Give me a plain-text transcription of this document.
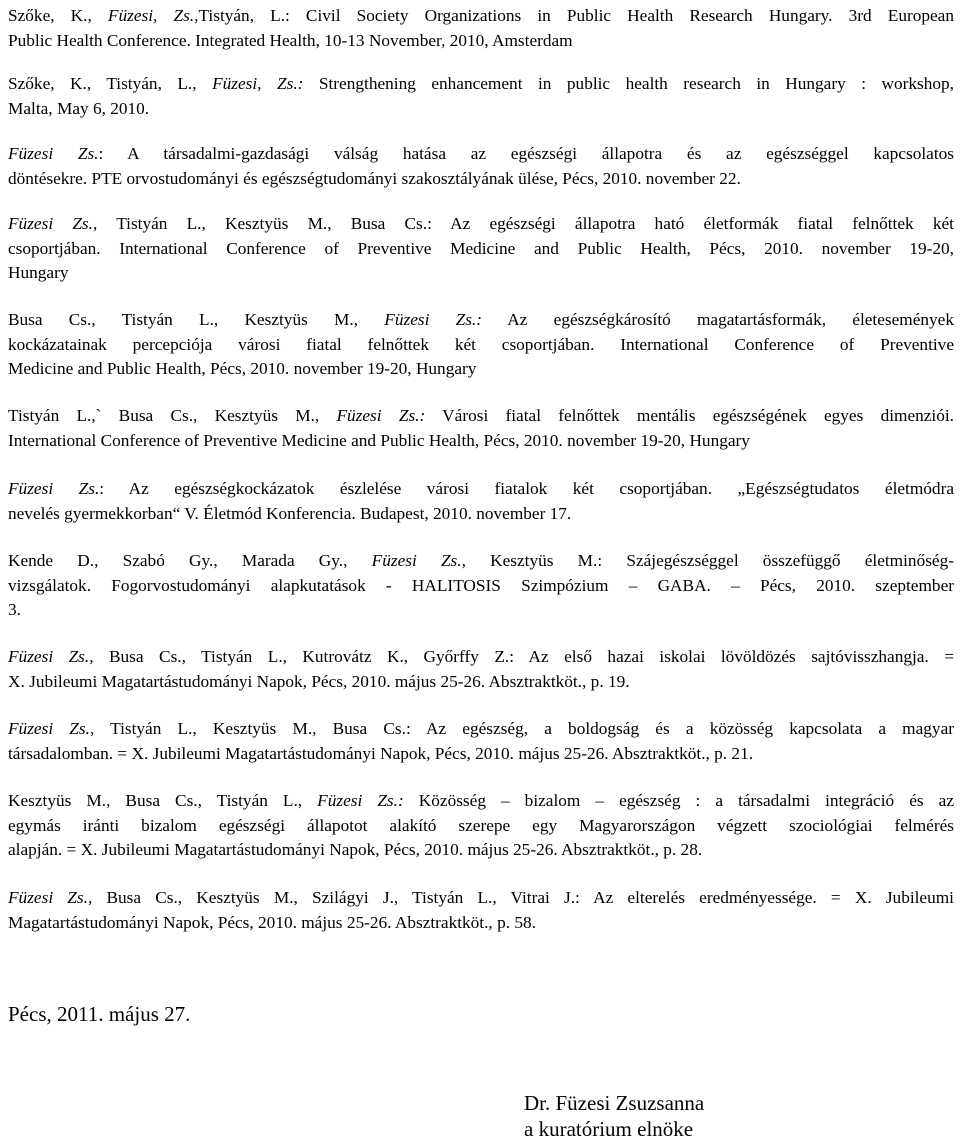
Szőke, K., Füzesi, Zs.,Tistyán, L.: Civil Society Organizations in Public Health Research Hungary. 3rd European
Public Health Conference. Integrated Health, 10-13 November, 2010, Amsterdam

Szőke, K., Tistyán, L., Füzesi, Zs.: Strengthening enhancement in public health research in Hungary : workshop,
Malta, May 6, 2010.

Füzesi Zs.: A társadalmi-gazdasági válság hatása az egészségi állapotra és az egészséggel kapcsolatos
döntésekre. PTE orvostudományi és egészségtudományi szakosztályának ülése, Pécs, 2010. november 22.

Füzesi Zs., Tistyán L., Kesztyüs M., Busa Cs.: Az egészségi állapotra ható életformák fiatal felnőttek két
csoportjában. International Conference of Preventive Medicine and Public Health, Pécs, 2010. november 19-20,
Hungary

Busa Cs., Tistyán L., Kesztyüs M., Füzesi Zs.: Az egészségkárosító magatartásformák, életesemények
kockázatainak percepciója városi fiatal felnőttek két csoportjában. International Conference of Preventive
Medicine and Public Health, Pécs, 2010. november 19-20, Hungary

Tistyán L.,` Busa Cs., Kesztyüs M., Füzesi Zs.: Városi fiatal felnőttek mentális egészségének egyes dimenziói.
International Conference of Preventive Medicine and Public Health, Pécs, 2010. november 19-20, Hungary

Füzesi Zs.: Az egészségkockázatok észlelése városi fiatalok két csoportjában. „Egészségtudatos életmódra
nevelés gyermekkorban“ V. Életmód Konferencia. Budapest, 2010. november 17.

Kende D., Szabó Gy., Marada Gy., Füzesi Zs., Kesztyüs M.: Szájegészséggel összefüggő életminőség-
vizsgálatok. Fogorvostudományi alapkutatások - HALITOSIS Szimpózium – GABA. – Pécs, 2010. szeptember
3.

Füzesi Zs., Busa Cs., Tistyán L., Kutrovátz K., Győrffy Z.: Az első hazai iskolai lövöldözés sajtóvisszhangja. =
X. Jubileumi Magatartástudományi Napok, Pécs, 2010. május 25-26. Absztraktköt., p. 19.

Füzesi Zs., Tistyán L., Kesztyüs M., Busa Cs.: Az egészség, a boldogság és a közösség kapcsolata a magyar
társadalomban. = X. Jubileumi Magatartástudományi Napok, Pécs, 2010. május 25-26. Absztraktköt., p. 21.

Kesztyüs M., Busa Cs., Tistyán L., Füzesi Zs.: Közösség – bizalom – egészség : a társadalmi integráció és az
egymás iránti bizalom egészségi állapotot alakító szerepe egy Magyarországon végzett szociológiai felmérés
alapján. = X. Jubileumi Magatartástudományi Napok, Pécs, 2010. május 25-26. Absztraktköt., p. 28.

Füzesi Zs., Busa Cs., Kesztyüs M., Szilágyi J., Tistyán L., Vitrai J.: Az elterelés eredményessége. = X. Jubileumi
Magatartástudományi Napok, Pécs, 2010. május 25-26. Absztraktköt., p. 58.

Pécs, 2011. május 27.

Dr. Füzesi Zsuzsanna
a kuratórium elnöke
